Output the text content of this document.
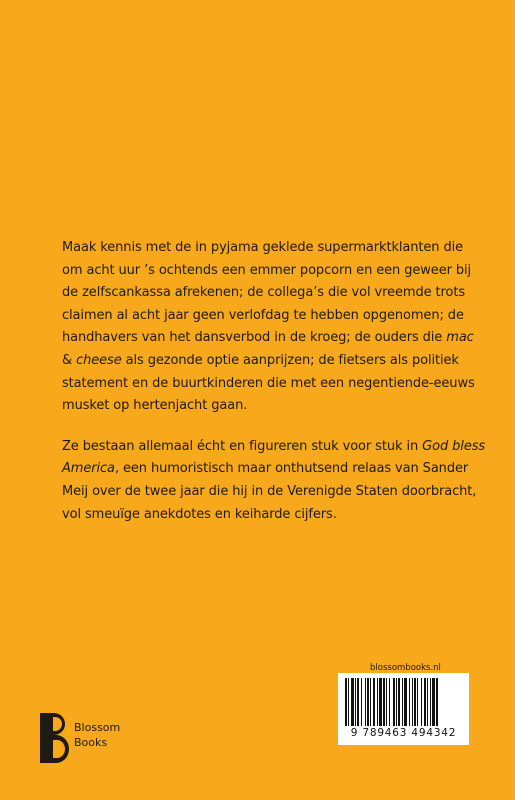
Maak kennis met de in pyjama geklede supermarktklanten die
om acht uur ’s ochtends een emmer popcorn en een geweer bij
de zelfscankassa afrekenen; de collega’s die vol vreemde trots
claimen al acht jaar geen verlofdag te hebben opgenomen; de
handhavers van het dansverbod in de kroeg; de ouders die mac
& cheese als gezonde optie aanprijzen; de fietsers als politiek
statement en de buurtkinderen die met een negentiende-eeuws
musket op hertenjacht gaan.

Ze bestaan allemaal écht en figureren stuk voor stuk in God bless
America, een humoristisch maar onthutsend relaas van Sander
Meij over de twee jaar die hij in de Verenigde Staten doorbracht,
vol smeuïge anekdotes en keiharde cijfers.

blossombooks.nl
9 789463 494342
Blossom
Books
